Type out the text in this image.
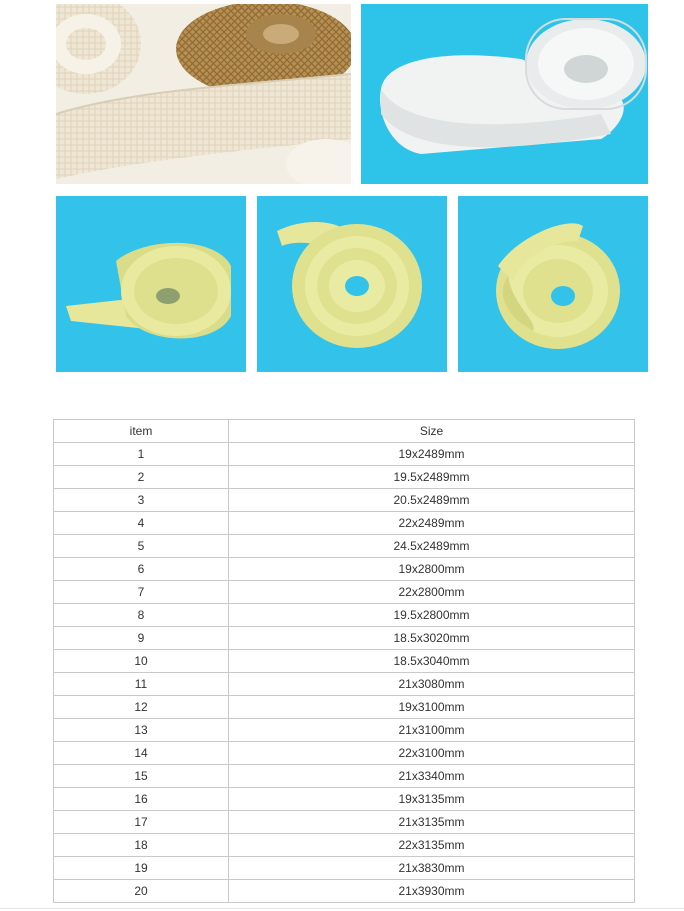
item	Size
1	19x2489mm
2	19.5x2489mm
3	20.5x2489mm
4	22x2489mm
5	24.5x2489mm
6	19x2800mm
7	22x2800mm
8	19.5x2800mm
9	18.5x3020mm
10	18.5x3040mm
11	21x3080mm
12	19x3100mm
13	21x3100mm
14	22x3100mm
15	21x3340mm
16	19x3135mm
17	21x3135mm
18	22x3135mm
19	21x3830mm
20	21x3930mm
